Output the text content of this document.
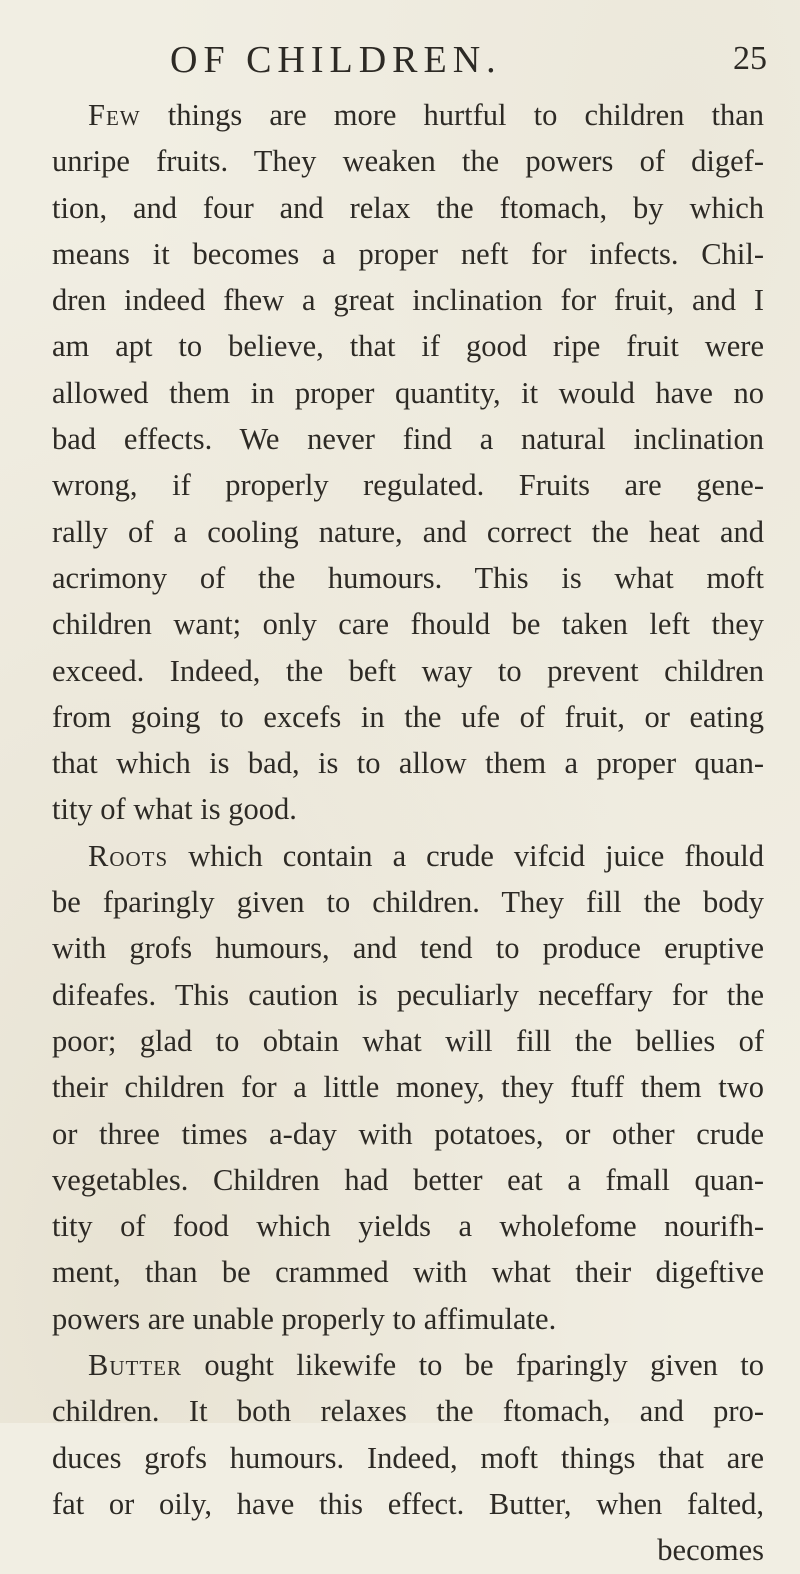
OF CHILDREN.	25
Few things are more hurtful to children than
unripe fruits. They weaken the powers of digef-
tion, and four and relax the ftomach, by which
means it becomes a proper neft for infects. Chil-
dren indeed fhew a great inclination for fruit, and I
am apt to believe, that if good ripe fruit were
allowed them in proper quantity, it would have no
bad effects. We never find a natural inclination
wrong, if properly regulated. Fruits are gene-
rally of a cooling nature, and correct the heat and
acrimony of the humours. This is what moft
children want; only care fhould be taken left they
exceed. Indeed, the beft way to prevent children
from going to excefs in the ufe of fruit, or eating
that which is bad, is to allow them a proper quan-
tity of what is good.
Roots which contain a crude vifcid juice fhould
be fparingly given to children. They fill the body
with grofs humours, and tend to produce eruptive
difeafes. This caution is peculiarly neceffary for the
poor; glad to obtain what will fill the bellies of
their children for a little money, they ftuff them two
or three times a-day with potatoes, or other crude
vegetables. Children had better eat a fmall quan-
tity of food which yields a wholefome nourifh-
ment, than be crammed with what their digeftive
powers are unable properly to affimulate.
Butter ought likewife to be fparingly given to
children. It both relaxes the ftomach, and pro-
duces grofs humours. Indeed, moft things that are
fat or oily, have this effect. Butter, when falted,
becomes
